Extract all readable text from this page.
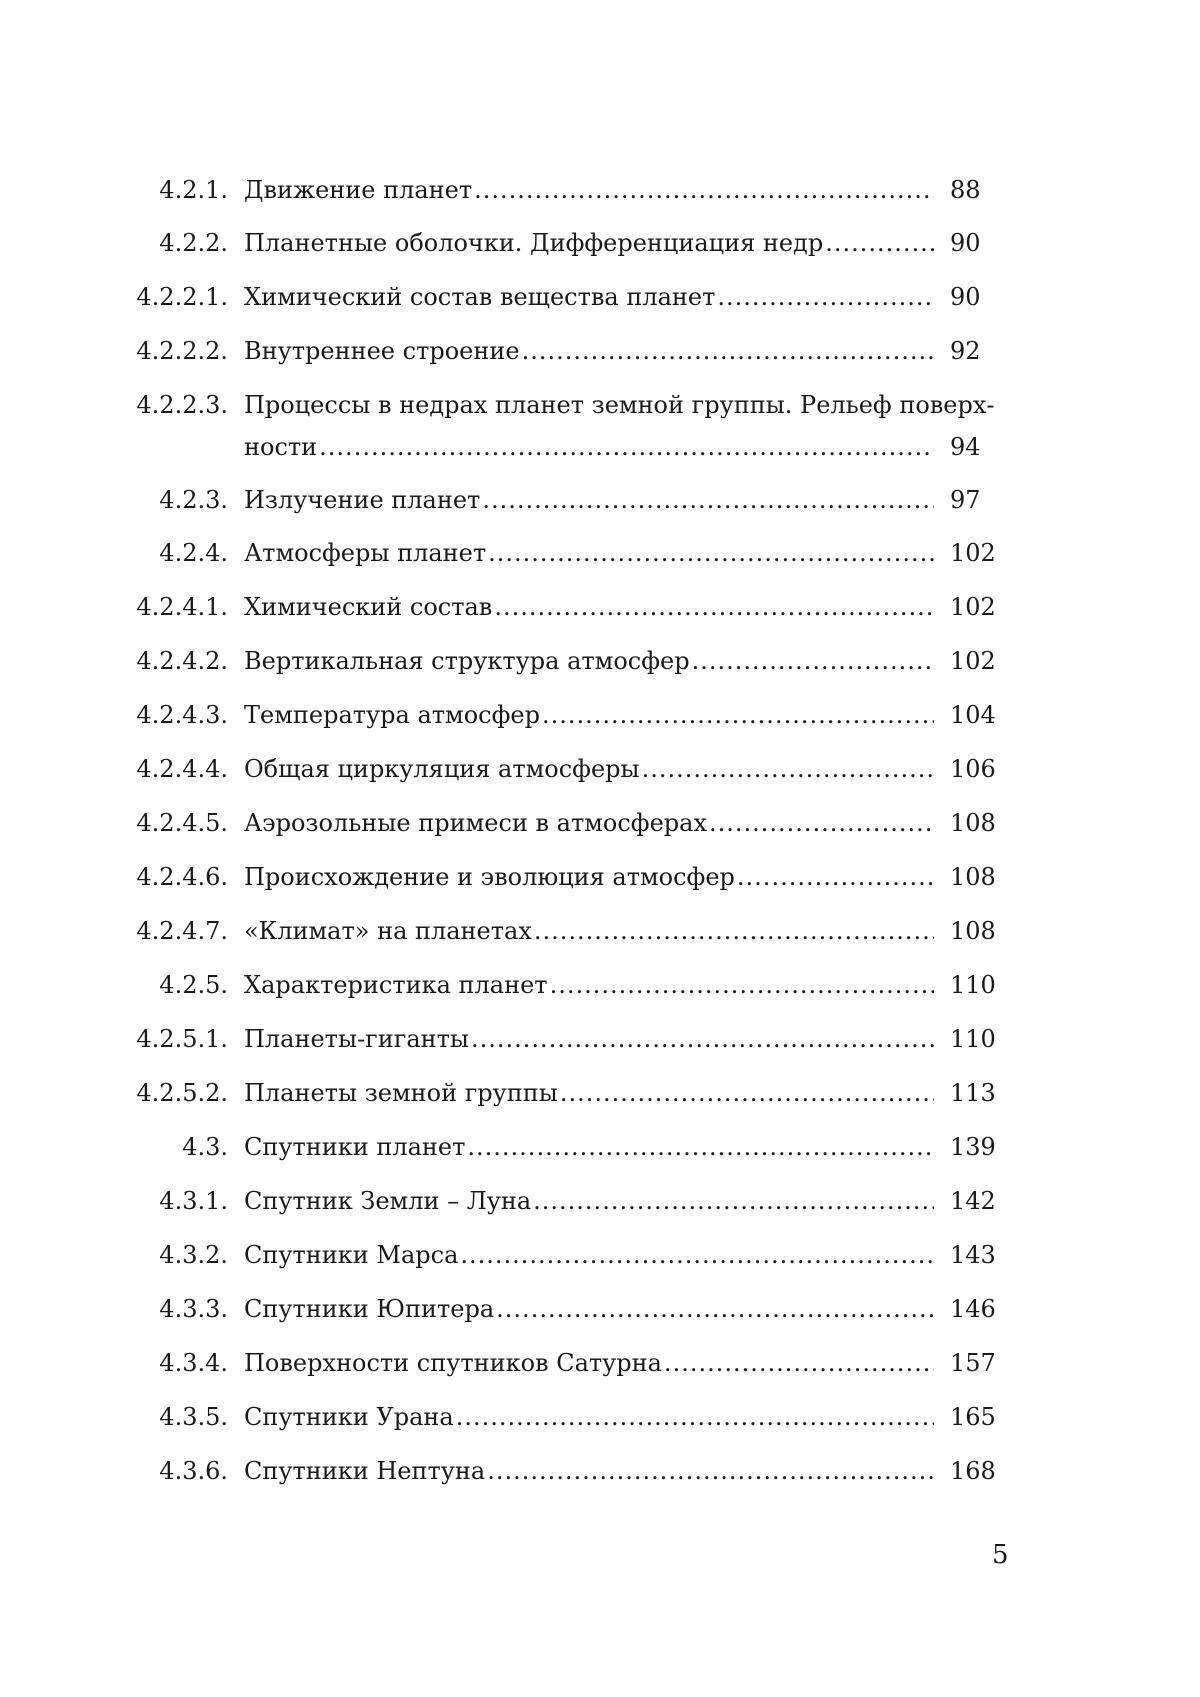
4.2.1. Движение планет .....	88
4.2.2. Планетные оболочки. Дифференциация недр .....	90
4.2.2.1. Химический состав вещества планет .....	90
4.2.2.2. Внутреннее строение .....	92
4.2.2.3. Процессы в недрах планет земной группы. Рельеф поверх-
ности .....	94
4.2.3. Излучение планет .....	97
4.2.4. Атмосферы планет .....	102
4.2.4.1. Химический состав .....	102
4.2.4.2. Вертикальная структура атмосфер .....	102
4.2.4.3. Температура атмосфер .....	104
4.2.4.4. Общая циркуляция атмосферы .....	106
4.2.4.5. Аэрозольные примеси в атмосферах .....	108
4.2.4.6. Происхождение и эволюция атмосфер .....	108
4.2.4.7. «Климат» на планетах .....	108
4.2.5. Характеристика планет .....	110
4.2.5.1. Планеты-гиганты .....	110
4.2.5.2. Планеты земной группы .....	113
4.3. Спутники планет .....	139
4.3.1. Спутник Земли – Луна .....	142
4.3.2. Спутники Марса .....	143
4.3.3. Спутники Юпитера .....	146
4.3.4. Поверхности спутников Сатурна .....	157
4.3.5. Спутники Урана .....	165
4.3.6. Спутники Нептуна .....	168
5
